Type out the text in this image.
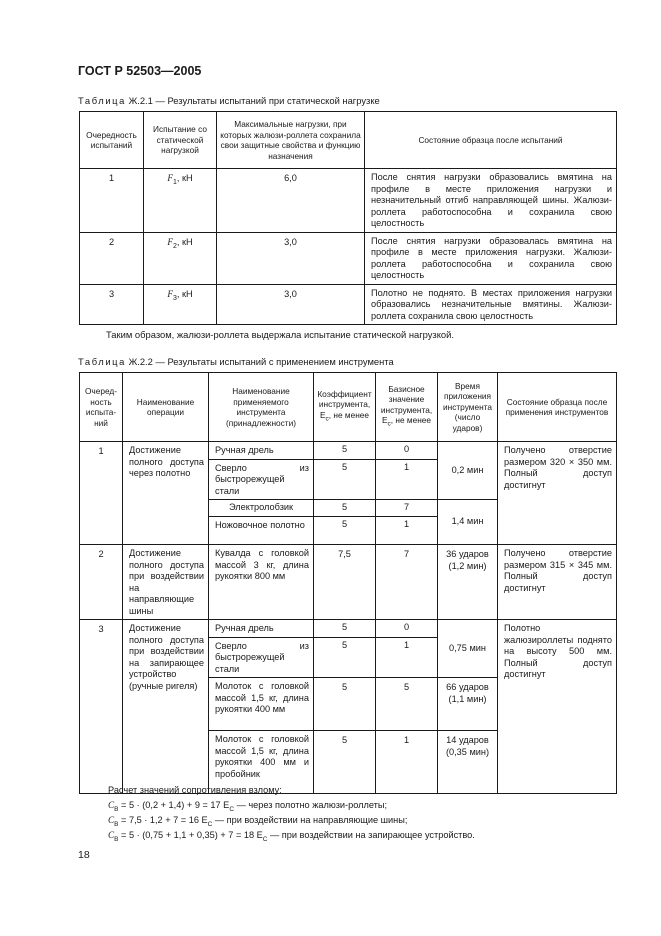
ГОСТ Р 52503—2005
Таблица Ж.2.1 — Результаты испытаний при статической нагрузке
Очередность испытаний	Испытание со статической нагрузкой	Максимальные нагрузки, при которых жалюзи-роллета сохранила свои защитные свойства и функцию назначения	Состояние образца после испытаний
1	$F_1$, кН	6,0	После снятия нагрузки образовались вмятина на профиле в месте приложения нагрузки и незначительный отгиб направляющей шины. Жалюзи-роллета работоспособна и сохранила свою целостность
2	$F_2$, кН	3,0	После снятия нагрузки образовалась вмятина на профиле в месте приложения нагрузки. Жалюзи-роллета работоспособна и сохранила свою целостность
3	$F_3$, кН	3,0	Полотно не поднято. В местах приложения нагрузки образовались незначительные вмятины. Жалюзи-роллета сохранила свою целостность
Таким образом, жалюзи-роллета выдержала испытание статической нагрузкой.
Таблица Ж.2.2 — Результаты испытаний с применением инструмента
Очеред-ность испыта-ний	Наименование операции	Наименование применяемого инструмента (принадлежности)	Коэффициент инструмента, $Е_с$, не менее	Базисное значение инструмента, $Е_с$, не менее	Время приложения инструмента (число ударов)	Состояние образца после применения инструментов
1	Достижение полного доступа через полотно	Ручная дрель	5	0	0,2 мин	Получено отверстие размером 320 × 350 мм. Полный доступ достигнут
		Сверло из быстрорежущей стали	5	1		
		Электролобзик	5	7	1,4 мин	
		Ножовочное полотно	5	1		
2	Достижение полного доступа при воздействии на направляющие шины	Кувалда с головкой массой 3 кг, длина рукоятки 800 мм	7,5	7	36 ударов (1,2 мин)	Получено отверстие размером 315 × 345 мм. Полный доступ достигнут
3	Достижение полного доступа при воздействии на запирающее устройство (ручные ригеля)	Ручная дрель	5	0	0,75 мин	Полотно жалюзироллеты поднято на высоту 500 мм. Полный доступ достигнут
		Сверло из быстрорежущей стали	5	1		
		Молоток с головкой массой 1,5 кг, длина рукоятки 400 мм	5	5	66 ударов (1,1 мин)	
		Молоток с головкой массой 1,5 кг, длина рукоятки 400 мм и пробойник	5	1	14 ударов (0,35 мин)	
Расчет значений сопротивления взлому:
$C_В = 5 \cdot (0,2 + 1,4) + 9 = 17$ $E_C$ — через полотно жалюзи-роллеты;
$C_В = 7,5 \cdot 1,2 + 7 = 16$ $E_C$ — при воздействии на направляющие шины;
$C_В = 5 \cdot (0,75 + 1,1 + 0,35) + 7 = 18$ $E_C$ — при воздействии на запирающее устройство.
18
